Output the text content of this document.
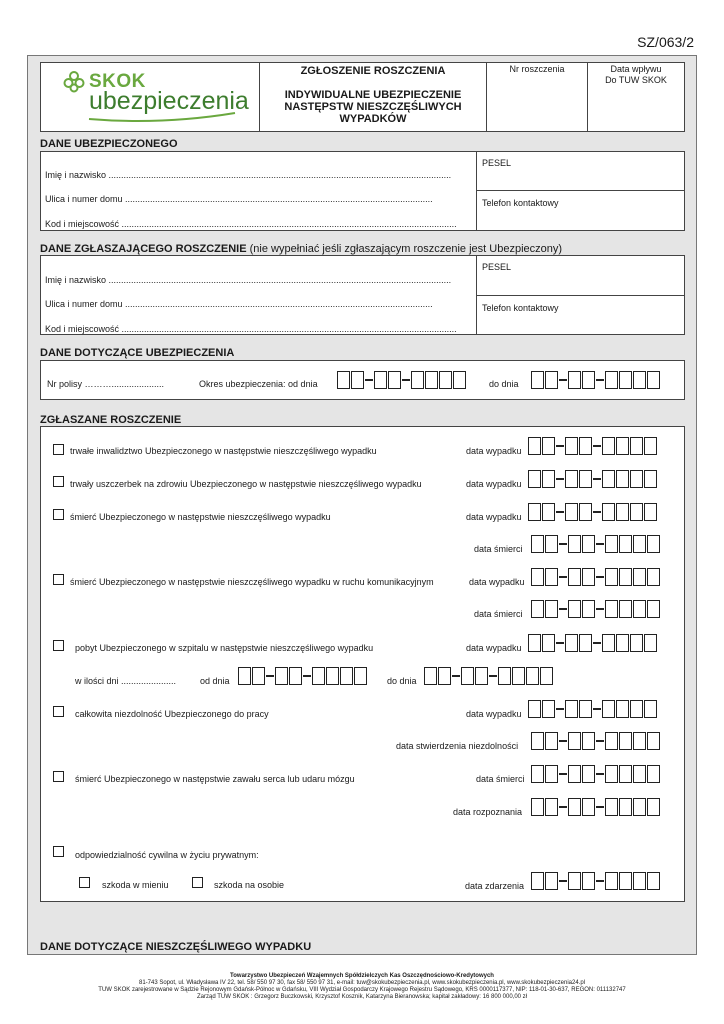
SZ/063/2
SKOK
ubezpieczenia
ZGŁOSZENIE ROSZCZENIA
INDYWIDUALNE UBEZPIECZENIE
NASTĘPSTW NIESZCZĘŚLIWYCH
WYPADKÓW
Nr roszczenia	Data wpływu
Do TUW SKOK
DANE UBEZPIECZONEGO
Imię i nazwisko .........................................................................................................................................
Ulica i numer domu ...........................................................................................................................
Kod i miejscowość ......................................................................................................................................
PESEL
Telefon kontaktowy
DANE ZGŁASZAJĄCEGO ROSZCZENIE (nie wypełniać jeśli zgłaszającym roszczenie jest Ubezpieczony)
Imię i nazwisko .........................................................................................................................................
Ulica i numer domu ...........................................................................................................................
Kod i miejscowość ......................................................................................................................................
PESEL
Telefon kontaktowy
DANE DOTYCZĄCE UBEZPIECZENIA
Nr polisy ……….....................	Okres ubezpieczenia: od dnia	do dnia
ZGŁASZANE ROSZCZENIE
trwałe inwalidztwo Ubezpieczonego w następstwie nieszczęśliwego wypadku	data wypadku
trwały uszczerbek na zdrowiu Ubezpieczonego w następstwie nieszczęśliwego wypadku	data wypadku
śmierć Ubezpieczonego w następstwie nieszczęśliwego wypadku	data wypadku
data śmierci
śmierć Ubezpieczonego w następstwie nieszczęśliwego wypadku w ruchu komunikacyjnym	data wypadku
data śmierci
pobyt Ubezpieczonego w szpitalu w następstwie nieszczęśliwego wypadku	data wypadku
w ilości dni ......................	od dnia	do dnia
całkowita niezdolność Ubezpieczonego do pracy	data wypadku
data stwierdzenia niezdolności
śmierć Ubezpieczonego w następstwie zawału serca lub udaru mózgu	data śmierci
data rozpoznania
odpowiedzialność cywilna w życiu prywatnym:
szkoda w mieniu	szkoda na osobie	data zdarzenia
DANE DOTYCZĄCE NIESZCZĘŚLIWEGO WYPADKU
Towarzystwo Ubezpieczeń Wzajemnych Spółdzielczych Kas Oszczędnościowo-Kredytowych
81-743 Sopot, ul. Władysława IV 22, tel. 58/ 550 97 30, fax 58/ 550 97 31, e-mail: tuw@skokubezpieczenia.pl, www.skokubezpieczenia.pl, www.skokubezpieczenia24.pl
TUW SKOK zarejestrowane w Sądzie Rejonowym Gdańsk-Północ w Gdańsku, VIII Wydział Gospodarczy Krajowego Rejestru Sądowego, KRS 0000117377, NIP: 118-01-30-637, REGON: 011132747
Zarząd TUW SKOK : Grzegorz Buczkowski, Krzysztof Kosznik, Katarzyna Bieranowska; kapitał zakładowy: 16 800 000,00 zł
